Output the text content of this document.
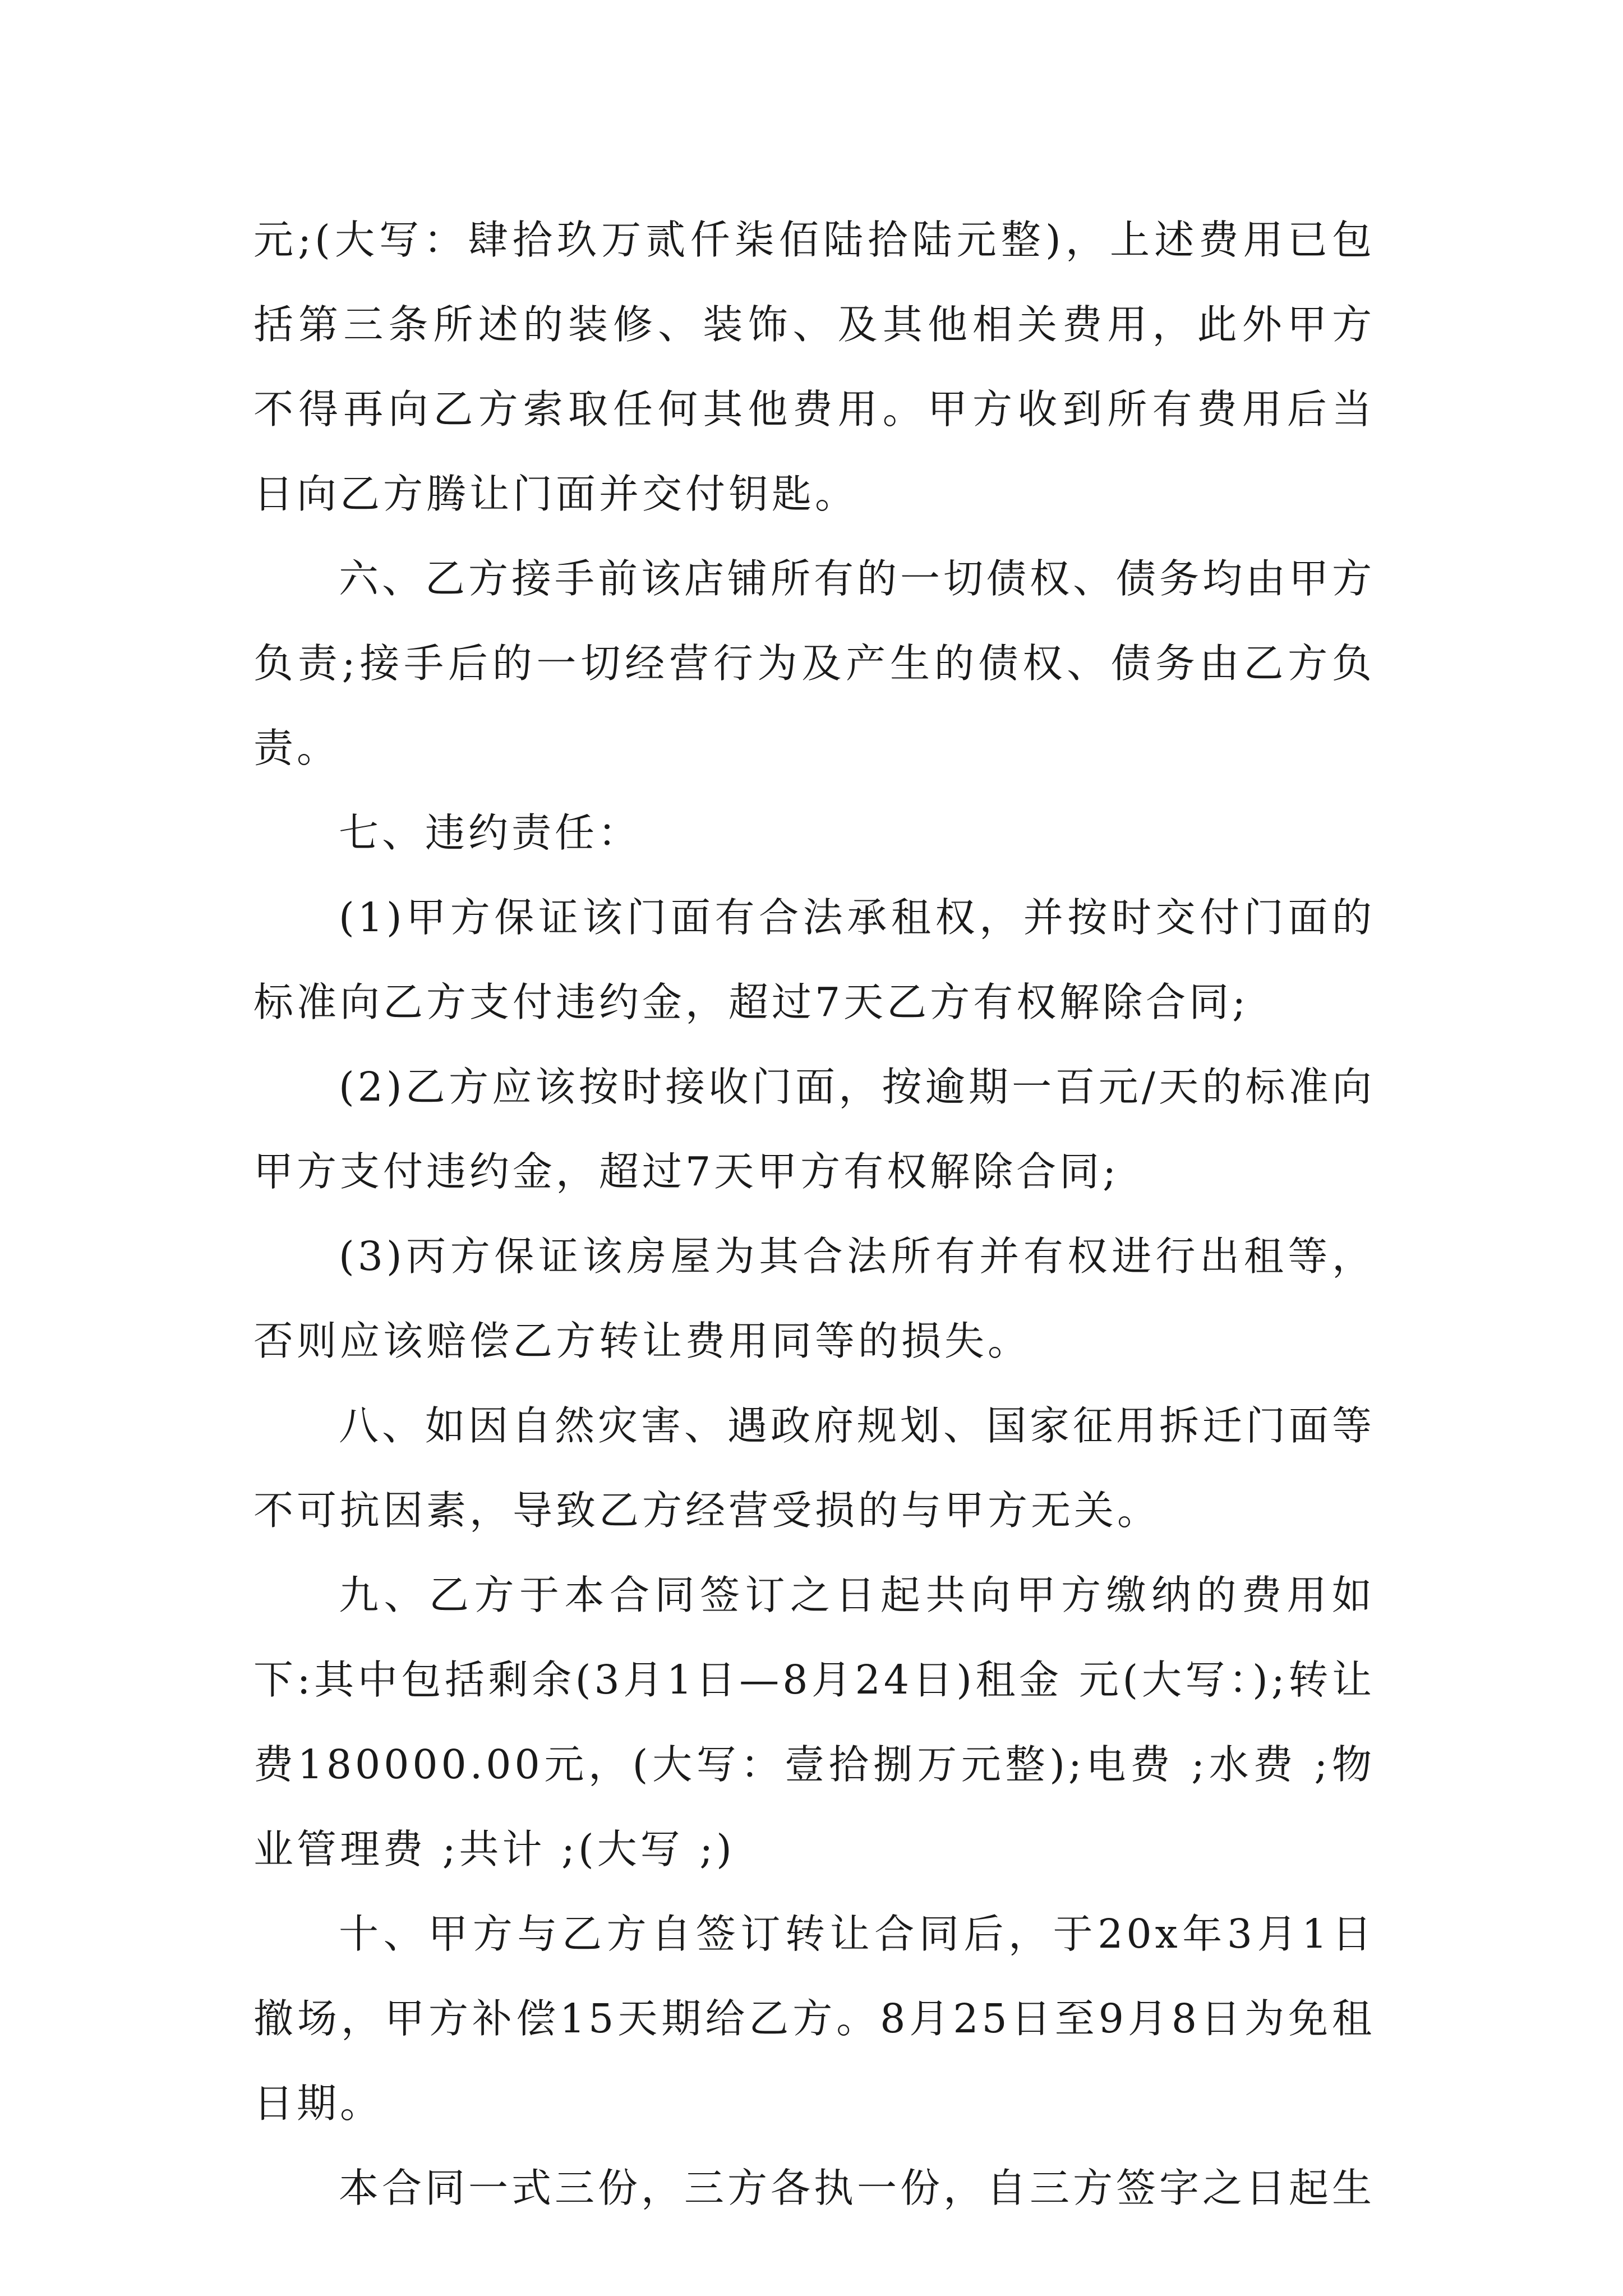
元;(大写：肆拾玖万贰仟柒佰陆拾陆元整)，上述费用已包括第三条所述的装修、装饰、及其他相关费用，此外甲方不得再向乙方索取任何其他费用。甲方收到所有费用后当日向乙方腾让门面并交付钥匙。

六、乙方接手前该店铺所有的一切债权、债务均由甲方负责;接手后的一切经营行为及产生的债权、债务由乙方负责。

七、违约责任：

(1)甲方保证该门面有合法承租权，并按时交付门面的标准向乙方支付违约金，超过7天乙方有权解除合同;

(2)乙方应该按时接收门面，按逾期一百元/天的标准向甲方支付违约金，超过7天甲方有权解除合同;

(3)丙方保证该房屋为其合法所有并有权进行出租等，否则应该赔偿乙方转让费用同等的损失。

八、如因自然灾害、遇政府规划、国家征用拆迁门面等不可抗因素，导致乙方经营受损的与甲方无关。

九、乙方于本合同签订之日起共向甲方缴纳的费用如下:其中包括剩余(3月1日—8月24日)租金 元(大写：);转让费180000.00元，(大写：壹拾捌万元整);电费 ;水费 ;物业管理费 ;共计 ;(大写 ;)

十、甲方与乙方自签订转让合同后，于20x年3月1日撤场，甲方补偿15天期给乙方。8月25日至9月8日为免租日期。

本合同一式三份，三方各执一份，自三方签字之日起生
